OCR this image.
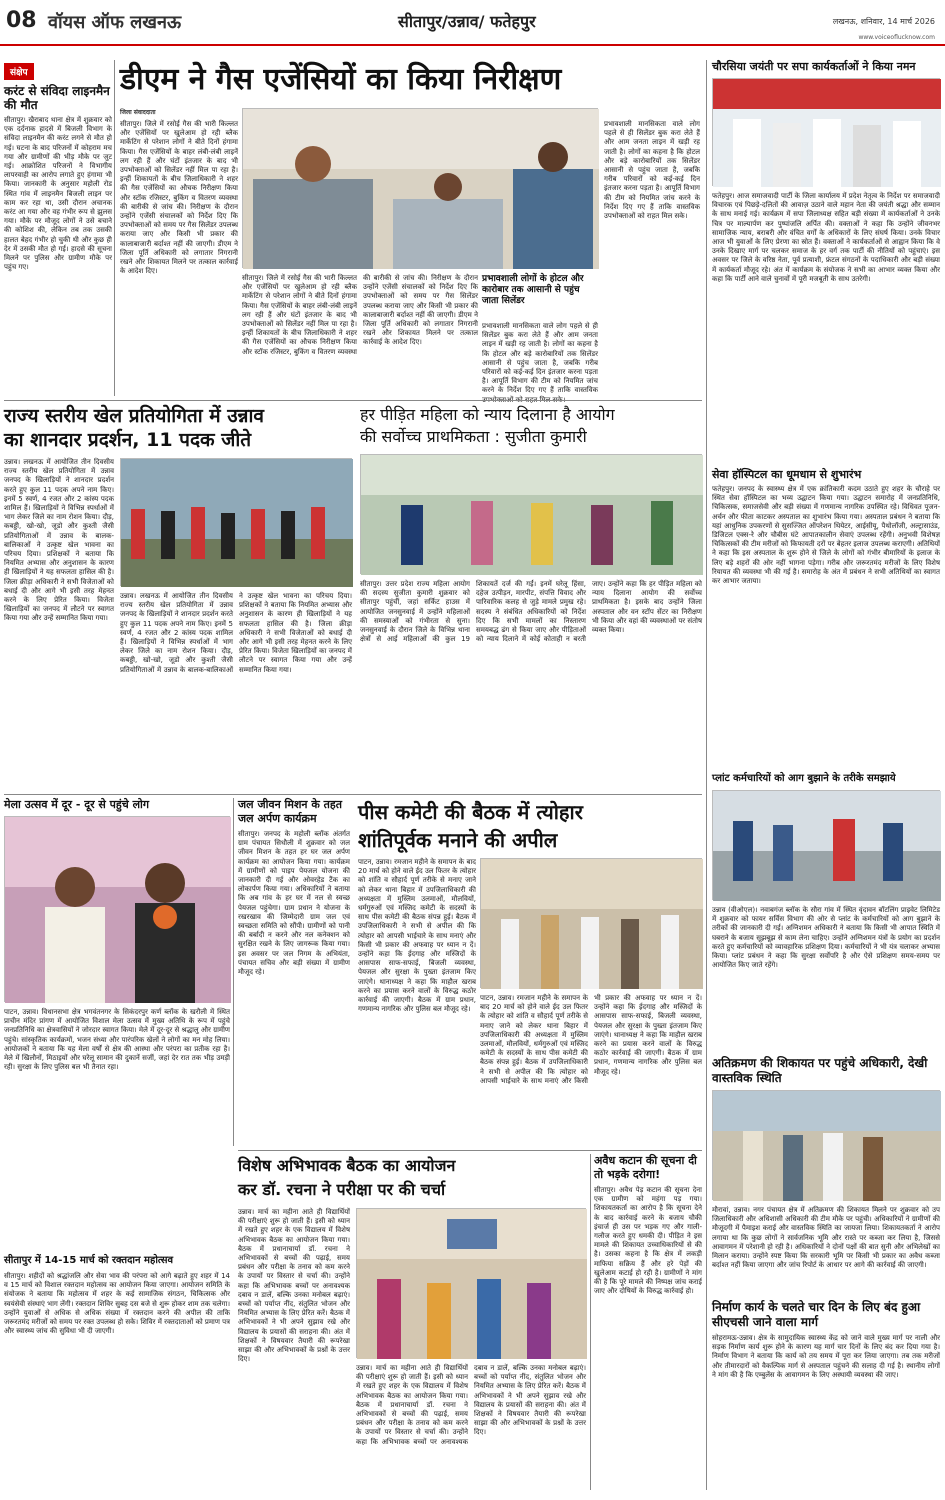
08 वॉयस ऑफ लखनऊ	सीतापुर/उन्नाव/ फतेहपुर	लखनऊ, शनिवार, 14 मार्च 2026
www.voiceoflucknow.com
संक्षेप
करंट से संविदा लाइनमैन की मौत
सीतापुर। खैराबाद थाना क्षेत्र में शुक्रवार को एक दर्दनाक हादसे में बिजली विभाग के संविदा लाइनमैन की करंट लगने से मौत हो गई। घटना के बाद परिजनों में कोहराम मच गया और ग्रामीणों की भीड़ मौके पर जुट गई। आक्रोशित परिजनों ने विभागीय लापरवाही का आरोप लगाते हुए हंगामा भी किया। जानकारी के अनुसार महोली रोड स्थित गांव में लाइनमैन बिजली लाइन पर काम कर रहा था, उसी दौरान अचानक करंट आ गया और वह गंभीर रूप से झुलस गया। मौके पर मौजूद लोगों ने उसे बचाने की कोशिश की, लेकिन तब तक उसकी हालत बेहद गंभीर हो चुकी थी और कुछ ही देर में उसकी मौत हो गई। हादसे की सूचना मिलने पर पुलिस और ग्रामीण मौके पर पहुंच गए।
डीएम ने गैस एजेंसियों का किया निरीक्षण
जिला संवाददाता
सीतापुर। जिले में रसोई गैस की भारी किल्लत और एजेंसियों पर खुलेआम हो रही ब्लैक मार्केटिंग से परेशान लोगों ने बीते दिनों हंगामा किया। गैस एजेंसियों के बाहर लंबी-लंबी लाइनें लग रही हैं और घंटों इंतजार के बाद भी उपभोक्ताओं को सिलेंडर नहीं मिल पा रहा है। इन्हीं शिकायतों के बीच जिलाधिकारी ने शहर की गैस एजेंसियों का औचक निरीक्षण किया और स्टॉक रजिस्टर, बुकिंग व वितरण व्यवस्था की बारीकी से जांच की। निरीक्षण के दौरान उन्होंने एजेंसी संचालकों को निर्देश दिए कि उपभोक्ताओं को समय पर गैस सिलेंडर उपलब्ध कराया जाए और किसी भी प्रकार की कालाबाजारी बर्दाश्त नहीं की जाएगी। डीएम ने जिला पूर्ति अधिकारी को लगातार निगरानी रखने और शिकायत मिलने पर तत्काल कार्रवाई के आदेश दिए।
सीतापुर। जिले में रसोई गैस की भारी किल्लत और एजेंसियों पर खुलेआम हो रही ब्लैक मार्केटिंग से परेशान लोगों ने बीते दिनों हंगामा किया। गैस एजेंसियों के बाहर लंबी-लंबी लाइनें लग रही हैं और घंटों इंतजार के बाद भी उपभोक्ताओं को सिलेंडर नहीं मिल पा रहा है। इन्हीं शिकायतों के बीच जिलाधिकारी ने शहर की गैस एजेंसियों का औचक निरीक्षण किया और स्टॉक रजिस्टर, बुकिंग व वितरण व्यवस्था की बारीकी से जांच की। निरीक्षण के दौरान उन्होंने एजेंसी संचालकों को निर्देश दिए कि उपभोक्ताओं को समय पर गैस सिलेंडर उपलब्ध कराया जाए और किसी भी प्रकार की कालाबाजारी बर्दाश्त नहीं की जाएगी। डीएम ने जिला पूर्ति अधिकारी को लगातार निगरानी रखने और शिकायत मिलने पर तत्काल कार्रवाई के आदेश दिए।
प्रभावशाली लोगों के होटल और कारोबार तक आसानी से पहुंच जाता सिलेंडर
प्रभावशाली मानसिकता वाले लोग पहले से ही सिलेंडर बुक करा लेते हैं और आम जनता लाइन में खड़ी रह जाती है। लोगों का कहना है कि होटल और बड़े कारोबारियों तक सिलेंडर आसानी से पहुंच जाता है, जबकि गरीब परिवारों को कई-कई दिन इंतजार करना पड़ता है। आपूर्ति विभाग की टीम को नियमित जांच करने के निर्देश दिए गए हैं ताकि वास्तविक
प्रभावशाली मानसिकता वाले लोग पहले से ही सिलेंडर बुक करा लेते हैं और आम जनता लाइन में खड़ी रह जाती है। लोगों का कहना है कि होटल और बड़े कारोबारियों तक सिलेंडर आसानी से पहुंच जाता है, जबकि गरीब परिवारों को कई-कई दिन इंतजार करना पड़ता है। आपूर्ति विभाग की टीम को नियमित जांच करने के निर्देश दिए गए हैं ताकि वास्तविक उपभोक्ताओं को राहत मिल सके।
चौरसिया जयंती पर सपा कार्यकर्ताओं ने किया नमन
फतेहपुर। आज समाजवादी पार्टी के जिला कार्यालय में प्रदेश नेतृत्व के निर्देश पर समाजवादी विचारक एवं पिछड़े-दलितों की आवाज़ उठाने वाले महान नेता की जयंती श्रद्धा और सम्मान के साथ मनाई गई। कार्यक्रम में सपा जिलाध्यक्ष सहित बड़ी संख्या में कार्यकर्ताओं ने उनके चित्र पर माल्यार्पण कर पुष्पांजलि अर्पित की। वक्ताओं ने कहा कि उन्होंने जीवनभर सामाजिक न्याय, बराबरी और वंचित वर्गों के अधिकारों के लिए संघर्ष किया। उनके विचार आज भी युवाओं के लिए प्रेरणा का स्रोत हैं। वक्ताओं ने कार्यकर्ताओं से आह्वान किया कि वे उनके दिखाए मार्ग पर चलकर समाज के हर वर्ग तक पार्टी की नीतियों को पहुंचाएं। इस अवसर पर जिले के वरिष्ठ नेता, पूर्व प्रत्याशी, फ्रंटल संगठनों के पदाधिकारी और बड़ी संख्या में कार्यकर्ता मौजूद रहे। अंत में कार्यक्रम के संयोजक ने सभी का आभार व्यक्त किया और कहा कि पार्टी आने वाले चुनावों में पूरी मजबूती के साथ उतरेगी।
सेवा हॉस्पिटल का धूमधाम से शुभारंभ
फतेहपुर। जनपद के स्वास्थ्य क्षेत्र में एक क्रांतिकारी कदम उठाते हुए शहर के चौराहे पर स्थित सेवा हॉस्पिटल का भव्य उद्घाटन किया गया। उद्घाटन समारोह में जनप्रतिनिधि, चिकित्सक, समाजसेवी और बड़ी संख्या में गणमान्य नागरिक उपस्थित रहे। विधिवत पूजन-अर्चन और फीता काटकर अस्पताल का शुभारंभ किया गया। अस्पताल प्रबंधन ने बताया कि यहां आधुनिक उपकरणों से सुसज्जित ऑपरेशन थियेटर, आईसीयू, पैथोलॉजी, अल्ट्रासाउंड, डिजिटल एक्स-रे और चौबीस घंटे आपातकालीन सेवाएं उपलब्ध रहेंगी। अनुभवी विशेषज्ञ चिकित्सकों की टीम मरीजों को किफायती दरों पर बेहतर इलाज उपलब्ध कराएगी। अतिथियों ने कहा कि इस अस्पताल के शुरू होने से जिले के लोगों को गंभीर बीमारियों के इलाज के लिए बड़े शहरों की ओर नहीं भागना पड़ेगा। गरीब और जरूरतमंद मरीजों के लिए विशेष रियायत की व्यवस्था भी की गई है। समारोह के अंत में प्रबंधन ने सभी अतिथियों का स्वागत कर आभार जताया।
प्लांट कर्मचारियों को आग बुझाने के तरीके समझाये
उन्नाव (वीओएल)। नवाबगंज ब्लॉक के सौरा गांव में स्थित वृंदावन बॉटलिंग प्राइवेट लिमिटेड में शुक्रवार को फायर सर्विस विभाग की ओर से प्लांट के कर्मचारियों को आग बुझाने के तरीकों की जानकारी दी गई। अग्निशमन अधिकारी ने बताया कि किसी भी आपात स्थिति में घबराने के बजाय सूझबूझ से काम लेना चाहिए। उन्होंने अग्निशमन यंत्रों के प्रयोग का प्रदर्शन करते हुए कर्मचारियों को व्यावहारिक प्रशिक्षण दिया। कर्मचारियों ने भी यंत्र चलाकर अभ्यास किया। प्लांट प्रबंधन ने कहा कि सुरक्षा सर्वोपरि है और ऐसे प्रशिक्षण समय-समय पर आयोजित किए जाते रहेंगे।
अतिक्रमण की शिकायत पर पहुंचे अधिकारी, देखी वास्तविक स्थिति
मौरावां, उन्नाव। नगर पंचायत क्षेत्र में अतिक्रमण की शिकायत मिलने पर शुक्रवार को उप जिलाधिकारी और अधिशासी अधिकारी की टीम मौके पर पहुंची। अधिकारियों ने ग्रामीणों की मौजूदगी में पैमाइश कराई और वास्तविक स्थिति का जायजा लिया। शिकायतकर्ता ने आरोप लगाया था कि कुछ लोगों ने सार्वजनिक भूमि और रास्ते पर कब्जा कर लिया है, जिससे आवागमन में परेशानी हो रही है। अधिकारियों ने दोनों पक्षों की बात सुनी और अभिलेखों का मिलान कराया। उन्होंने स्पष्ट किया कि सरकारी भूमि पर किसी भी प्रकार का अवैध कब्जा बर्दाश्त नहीं किया जाएगा और जांच रिपोर्ट के आधार पर आगे की कार्रवाई की जाएगी।
निर्माण कार्य के चलते चार दिन के लिए बंद हुआ सीएचसी जाने वाला मार्ग
सोहरामऊ-उन्नाव। क्षेत्र के सामुदायिक स्वास्थ्य केंद्र को जाने वाले मुख्य मार्ग पर नाली और सड़क निर्माण कार्य शुरू होने के कारण यह मार्ग चार दिनों के लिए बंद कर दिया गया है। निर्माण विभाग ने बताया कि कार्य को तय समय में पूरा कर लिया जाएगा। तब तक मरीजों और तीमारदारों को वैकल्पिक मार्ग से अस्पताल पहुंचने की सलाह दी गई है। स्थानीय लोगों ने मांग की है कि एम्बुलेंस के आवागमन के लिए अस्थायी व्यवस्था की जाए।
राज्य स्तरीय खेल प्रतियोगिता में उन्नाव
का शानदार प्रदर्शन, 11 पदक जीते
उन्नाव। लखनऊ में आयोजित तीन दिवसीय राज्य स्तरीय खेल प्रतियोगिता में उन्नाव जनपद के खिलाड़ियों ने शानदार प्रदर्शन करते हुए कुल 11 पदक अपने नाम किए। इनमें 5 स्वर्ण, 4 रजत और 2 कांस्य पदक शामिल हैं। खिलाड़ियों ने विभिन्न स्पर्धाओं में भाग लेकर जिले का नाम रोशन किया। दौड़, कबड्डी, खो-खो, जूडो और कुश्ती जैसी प्रतियोगिताओं में उन्नाव के बालक-बालिकाओं ने उत्कृष्ट खेल भावना का परिचय दिया। प्रशिक्षकों ने बताया कि नियमित अभ्यास और अनुशासन के कारण ही खिलाड़ियों ने यह सफलता हासिल की है। जिला क्रीड़ा अधिकारी ने सभी विजेताओं को बधाई दी और आगे भी इसी तरह मेहनत करने के लिए प्रेरित किया। विजेता खिलाड़ियों का जनपद में लौटने पर स्वागत किया गया और उन्हें सम्मानित किया गया।
उन्नाव। लखनऊ में आयोजित तीन दिवसीय राज्य स्तरीय खेल प्रतियोगिता में उन्नाव जनपद के खिलाड़ियों ने शानदार प्रदर्शन करते हुए कुल 11 पदक अपने नाम किए। इनमें 5 स्वर्ण, 4 रजत और 2 कांस्य पदक शामिल हैं। खिलाड़ियों ने विभिन्न स्पर्धाओं में भाग लेकर जिले का नाम रोशन किया। दौड़, कबड्डी, खो-खो, जूडो और कुश्ती जैसी प्रतियोगिताओं में उन्नाव के बालक-बालिकाओं ने उत्कृष्ट खेल भावना का परिचय दिया। प्रशिक्षकों ने बताया कि नियमित अभ्यास और अनुशासन के कारण ही खिलाड़ियों ने यह सफलता हासिल की है। जिला क्रीड़ा अधिकारी ने सभी विजेताओं को बधाई दी और आगे भी इसी तरह मेहनत करने के लिए प्रेरित किया। विजेता खिलाड़ियों का जनपद में लौटने पर स्वागत किया गया और उन्हें सम्मानित किया गया।
हर पीड़ित महिला को न्याय दिलाना है आयोग
की सर्वोच्च प्राथमिकता : सुजीता कुमारी
सीतापुर। उत्तर प्रदेश राज्य महिला आयोग की सदस्य सुजीता कुमारी शुक्रवार को सीतापुर पहुंचीं, जहां सर्किट हाउस में आयोजित जनसुनवाई में उन्होंने महिलाओं की समस्याओं को गंभीरता से सुना। जनसुनवाई के दौरान जिले के विभिन्न थाना क्षेत्रों से आई महिलाओं की कुल 19 शिकायतें दर्ज की गईं। इनमें घरेलू हिंसा, दहेज उत्पीड़न, मारपीट, संपत्ति विवाद और पारिवारिक कलह से जुड़े मामले प्रमुख रहे। सदस्य ने संबंधित अधिकारियों को निर्देश दिए कि सभी मामलों का निस्तारण समयबद्ध ढंग से किया जाए और पीड़िताओं को न्याय दिलाने में कोई कोताही न बरती जाए। उन्होंने कहा कि हर पीड़ित महिला को न्याय दिलाना आयोग की सर्वोच्च प्राथमिकता है। इसके बाद उन्होंने जिला अस्पताल और वन स्टॉप सेंटर का निरीक्षण भी किया और वहां की व्यवस्थाओं पर संतोष व्यक्त किया।
मेला उत्सव में दूर - दूर से पहुंचे लोग
पाटन, उन्नाव। विधानसभा क्षेत्र भगवंतनगर के सिकंदरपुर कर्ण ब्लॉक के खरौली में स्थित प्राचीन मंदिर प्रांगण में आयोजित विशाल मेला उत्सव में मुख्य अतिथि के रूप में पहुंचे जनप्रतिनिधि का क्षेत्रवासियों ने जोरदार स्वागत किया। मेले में दूर-दूर से श्रद्धालु और ग्रामीण पहुंचे। सांस्कृतिक कार्यक्रमों, भजन संध्या और पारंपरिक खेलों ने लोगों का मन मोह लिया। आयोजकों ने बताया कि यह मेला वर्षों से क्षेत्र की आस्था और परंपरा का प्रतीक रहा है। मेले में खिलौनों, मिठाइयों और घरेलू सामान की दुकानें सजीं, जहां देर रात तक भीड़ उमड़ी रही। सुरक्षा के लिए पुलिस बल भी तैनात रहा।
सीतापुर में 14-15 मार्च को रक्तदान महोत्सव
सीतापुर। शहीदों को श्रद्धांजलि और सेवा भाव की परंपरा को आगे बढ़ाते हुए शहर में 14 व 15 मार्च को विशाल रक्तदान महोत्सव का आयोजन किया जाएगा। आयोजन समिति के संयोजक ने बताया कि महोत्सव में शहर के कई सामाजिक संगठन, चिकित्सक और स्वयंसेवी संस्थाएं भाग लेंगी। रक्तदान शिविर सुबह दस बजे से शुरू होकर शाम तक चलेगा। उन्होंने युवाओं से अधिक से अधिक संख्या में रक्तदान करने की अपील की ताकि जरूरतमंद मरीजों को समय पर रक्त उपलब्ध हो सके। शिविर में रक्तदाताओं को प्रमाण पत्र और स्वास्थ्य जांच की सुविधा भी दी जाएगी।
जल जीवन मिशन के तहत जल अर्पण कार्यक्रम
सीतापुर। जनपद के महोली ब्लॉक अंतर्गत ग्राम पंचायत सिधौली में शुक्रवार को जल जीवन मिशन के तहत हर घर जल अर्पण कार्यक्रम का आयोजन किया गया। कार्यक्रम में ग्रामीणों को पाइप पेयजल योजना की जानकारी दी गई और ओवरहेड टैंक का लोकार्पण किया गया। अधिकारियों ने बताया कि अब गांव के हर घर में नल से स्वच्छ पेयजल पहुंचेगा। ग्राम प्रधान ने योजना के रखरखाव की जिम्मेदारी ग्राम जल एवं स्वच्छता समिति को सौंपी। ग्रामीणों को पानी की बर्बादी न करने और नल कनेक्शन को सुरक्षित रखने के लिए जागरूक किया गया। इस अवसर पर जल निगम के अभियंता, पंचायत सचिव और बड़ी संख्या में ग्रामीण मौजूद रहे।
पीस कमेटी की बैठक में त्योहार
शांतिपूर्वक मनाने की अपील
पाटन, उन्नाव। रमजान महीने के समापन के बाद 20 मार्च को होने वाले ईद उल फितर के त्योहार को शांति व सौहार्द पूर्ण तरीके से मनाए जाने को लेकर थाना बिहार में उपजिलाधिकारी की अध्यक्षता में मुस्लिम उलमाओं, मौलवियों, धर्मगुरुओं एवं मस्जिद कमेटी के सदस्यों के साथ पीस कमेटी की बैठक संपन्न हुई। बैठक में उपजिलाधिकारी ने सभी से अपील की कि त्योहार को आपसी भाईचारे के साथ मनाएं और किसी भी प्रकार की अफवाह पर ध्यान न दें। उन्होंने कहा कि ईदगाह और मस्जिदों के आसपास साफ-सफाई, बिजली व्यवस्था, पेयजल और सुरक्षा के पुख्ता इंतजाम किए जाएंगे। थानाध्यक्ष ने कहा कि माहौल खराब करने का प्रयास करने वालों के विरुद्ध कठोर कार्रवाई की जाएगी। बैठक में ग्राम प्रधान, गणमान्य नागरिक और पुलिस बल मौजूद रहे।
पाटन, उन्नाव। रमजान महीने के समापन के बाद 20 मार्च को होने वाले ईद उल फितर के त्योहार को शांति व सौहार्द पूर्ण तरीके से मनाए जाने को लेकर थाना बिहार में उपजिलाधिकारी की अध्यक्षता में मुस्लिम उलमाओं, मौलवियों, धर्मगुरुओं एवं मस्जिद कमेटी के सदस्यों के साथ पीस कमेटी की बैठक संपन्न हुई। बैठक में उपजिलाधिकारी ने सभी से अपील की कि त्योहार को आपसी भाईचारे के साथ मनाएं और किसी भी प्रकार की अफवाह पर ध्यान न दें। उन्होंने कहा कि ईदगाह और मस्जिदों के आसपास साफ-सफाई, बिजली व्यवस्था, पेयजल और सुरक्षा के पुख्ता इंतजाम किए जाएंगे। थानाध्यक्ष ने कहा कि माहौल खराब करने का प्रयास करने वालों के विरुद्ध कठोर कार्रवाई की जाएगी। बैठक में ग्राम प्रधान, गणमान्य नागरिक और पुलिस बल मौजूद रहे।
विशेष अभिभावक बैठक का आयोजन
कर डॉ. रचना ने परीक्षा पर की चर्चा
उन्नाव। मार्च का महीना आते ही विद्यार्थियों की परीक्षाएं शुरू हो जाती हैं। इसी को ध्यान में रखते हुए शहर के एक विद्यालय में विशेष अभिभावक बैठक का आयोजन किया गया। बैठक में प्रधानाचार्या डॉ. रचना ने अभिभावकों से बच्चों की पढ़ाई, समय प्रबंधन और परीक्षा के तनाव को कम करने के उपायों पर विस्तार से चर्चा की। उन्होंने कहा कि अभिभावक बच्चों पर अनावश्यक दबाव न डालें, बल्कि उनका मनोबल बढ़ाएं। बच्चों को पर्याप्त नींद, संतुलित भोजन और नियमित अभ्यास के लिए प्रेरित करें। बैठक में अभिभावकों ने भी अपने सुझाव रखे और विद्यालय के प्रयासों की सराहना की। अंत में शिक्षकों ने विषयवार तैयारी की रूपरेखा साझा की और अभिभावकों के प्रश्नों के उत्तर दिए।
उन्नाव। मार्च का महीना आते ही विद्यार्थियों की परीक्षाएं शुरू हो जाती हैं। इसी को ध्यान में रखते हुए शहर के एक विद्यालय में विशेष अभिभावक बैठक का आयोजन किया गया। बैठक में प्रधानाचार्या डॉ. रचना ने अभिभावकों से बच्चों की पढ़ाई, समय प्रबंधन और परीक्षा के तनाव को कम करने के उपायों पर विस्तार से चर्चा की। उन्होंने कहा कि अभिभावक बच्चों पर अनावश्यक दबाव न डालें, बल्कि उनका मनोबल बढ़ाएं। बच्चों को पर्याप्त नींद, संतुलित भोजन और नियमित अभ्यास के लिए प्रेरित करें। बैठक में अभिभावकों ने भी अपने सुझाव रखे और विद्यालय के प्रयासों की सराहना की। अंत में शिक्षकों ने विषयवार तैयारी की रूपरेखा साझा की और अभिभावकों के प्रश्नों के उत्तर दिए।
अवैध कटान की सूचना दी तो भड़के दरोगा!
सीतापुर। अवैध पेड़ कटान की सूचना देना एक ग्रामीण को महंगा पड़ गया। शिकायतकर्ता का आरोप है कि सूचना देने के बाद कार्रवाई करने के बजाय चौकी इंचार्ज ही उस पर भड़क गए और गाली-गलौज करते हुए धमकी दी। पीड़ित ने इस मामले की शिकायत उच्चाधिकारियों से की है। उसका कहना है कि क्षेत्र में लकड़ी माफिया सक्रिय हैं और हरे पेड़ों की खुलेआम कटाई हो रही है। ग्रामीणों ने मांग की है कि पूरे मामले की निष्पक्ष जांच कराई जाए और दोषियों के विरुद्ध कार्रवाई हो।
